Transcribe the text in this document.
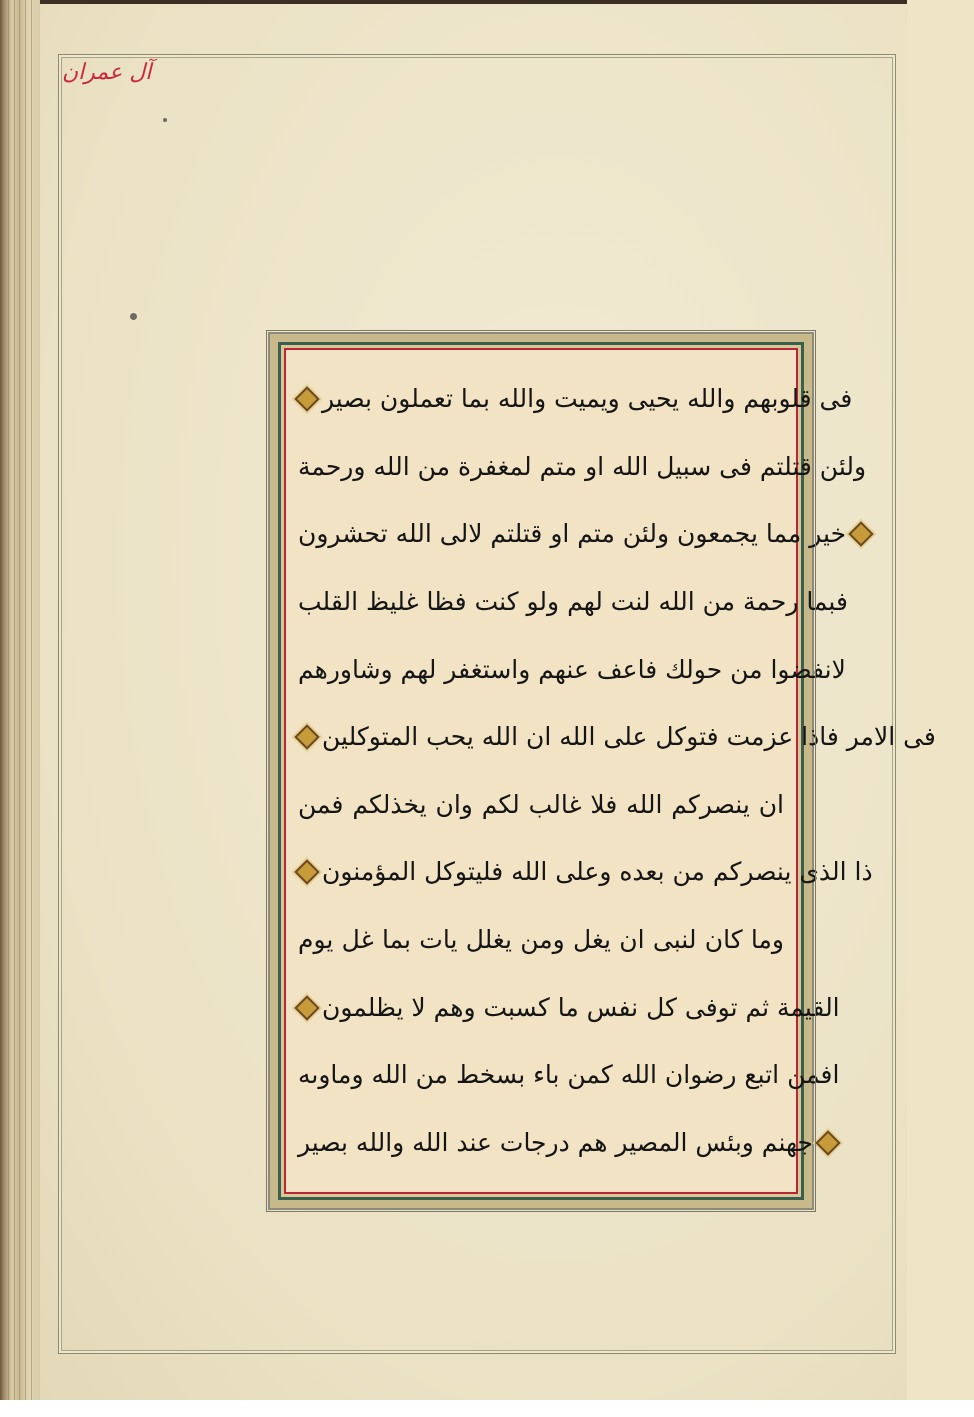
آل عمران
فی قلوبهم والله یحیی ویمیت والله بما تعملون بصیر
ولئن قتلتم فی سبیل الله او متم لمغفرة من الله ورحمة
خیر مما یجمعون ولئن متم او قتلتم لالی الله تحشرون
فبما رحمة من الله لنت لهم ولو كنت فظا غلیظ القلب
لانفضوا من حولك فاعف عنهم واستغفر لهم وشاورهم
فی الامر فاذا عزمت فتوكل علی الله ان الله یحب المتوكلین
ان ینصركم الله فلا غالب لكم وان یخذلكم فمن
ذا الذی ینصركم من بعده وعلی الله فلیتوكل المؤمنون
وما كان لنبی ان یغل ومن یغلل یات بما غل یوم
القیمة ثم توفی كل نفس ما كسبت وهم لا یظلمون
افمن اتبع رضوان الله كمن باء بسخط من الله وماوىه
جهنم وبئس المصیر هم درجات عند الله والله بصیر
